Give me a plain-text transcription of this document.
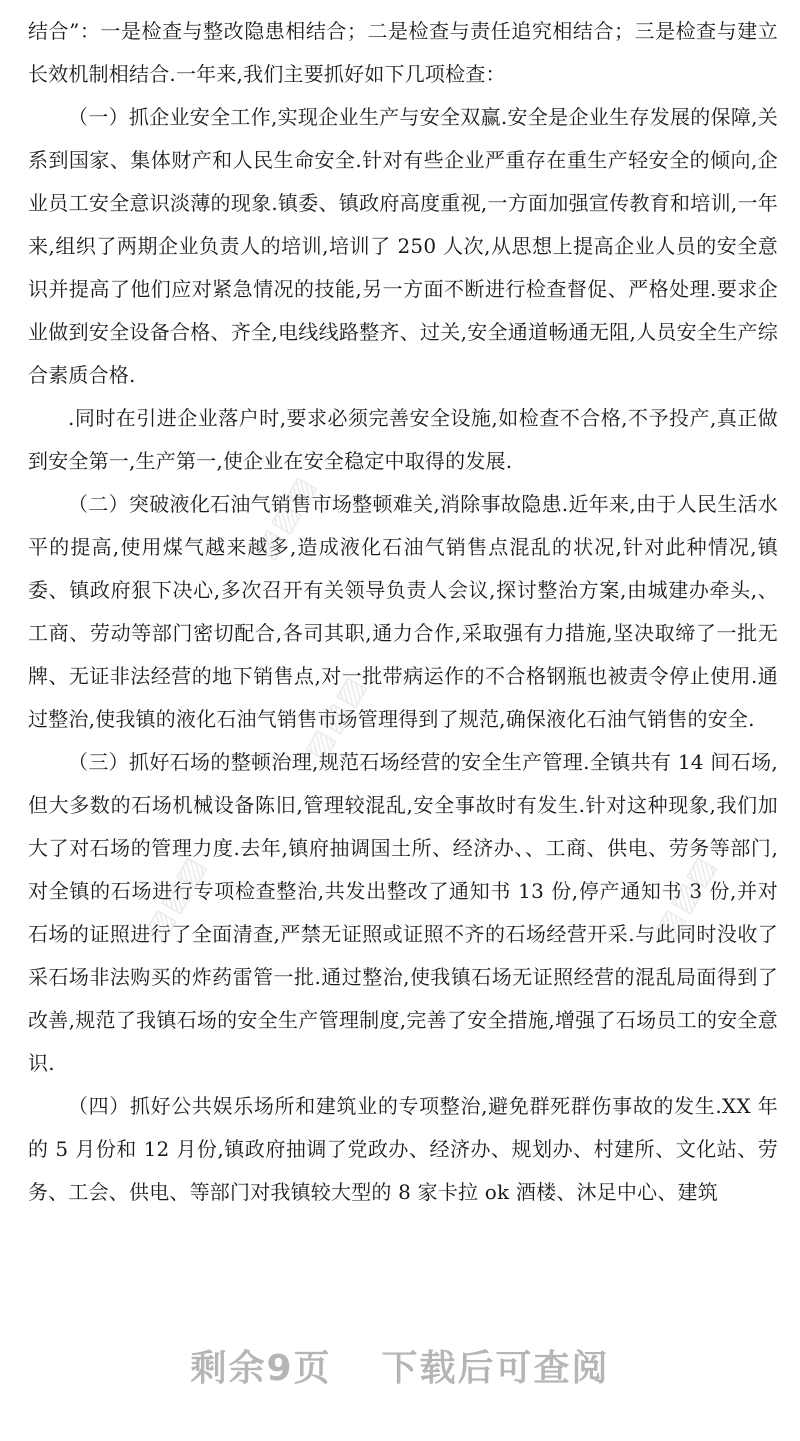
结合”：一是检查与整改隐患相结合；二是检查与责任追究相结合；三是检查与建立长效机制相结合.一年来,我们主要抓好如下几项检查：

（一）抓企业安全工作,实现企业生产与安全双赢.安全是企业生存发展的保障,关系到国家、集体财产和人民生命安全.针对有些企业严重存在重生产轻安全的倾向,企业员工安全意识淡薄的现象.镇委、镇政府高度重视,一方面加强宣传教育和培训,一年来,组织了两期企业负责人的培训,培训了 250 人次,从思想上提高企业人员的安全意识并提高了他们应对紧急情况的技能,另一方面不断进行检查督促、严格处理.要求企业做到安全设备合格、齐全,电线线路整齐、过关,安全通道畅通无阻,人员安全生产综合素质合格.

.同时在引进企业落户时,要求必须完善安全设施,如检查不合格,不予投产,真正做到安全第一,生产第一,使企业在安全稳定中取得的发展.

（二）突破液化石油气销售市场整顿难关,消除事故隐患.近年来,由于人民生活水平的提高,使用煤气越来越多,造成液化石油气销售点混乱的状况,针对此种情况,镇委、镇政府狠下决心,多次召开有关领导负责人会议,探讨整治方案,由城建办牵头,、工商、劳动等部门密切配合,各司其职,通力合作,采取强有力措施,坚决取缔了一批无牌、无证非法经营的地下销售点,对一批带病运作的不合格钢瓶也被责令停止使用.通过整治,使我镇的液化石油气销售市场管理得到了规范,确保液化石油气销售的安全.

（三）抓好石场的整顿治理,规范石场经营的安全生产管理.全镇共有 14 间石场,但大多数的石场机械设备陈旧,管理较混乱,安全事故时有发生.针对这种现象,我们加大了对石场的管理力度.去年,镇府抽调国土所、经济办、、工商、供电、劳务等部门,对全镇的石场进行专项检查整治,共发出整改了通知书 13 份,停产通知书 3 份,并对石场的证照进行了全面清查,严禁无证照或证照不齐的石场经营开采.与此同时没收了采石场非法购买的炸药雷管一批.通过整治,使我镇石场无证照经营的混乱局面得到了改善,规范了我镇石场的安全生产管理制度,完善了安全措施,增强了石场员工的安全意识.

（四）抓好公共娱乐场所和建筑业的专项整治,避免群死群伤事故的发生.XX 年的 5 月份和 12 月份,镇政府抽调了党政办、经济办、规划办、村建所、文化站、劳务、工会、供电、等部门对我镇较大型的 8 家卡拉 ok 酒楼、沐足中心、建筑

▨▨▨
▨▨▨
▨▨▨	▨▨▨
剩余9页 下载后可查阅
